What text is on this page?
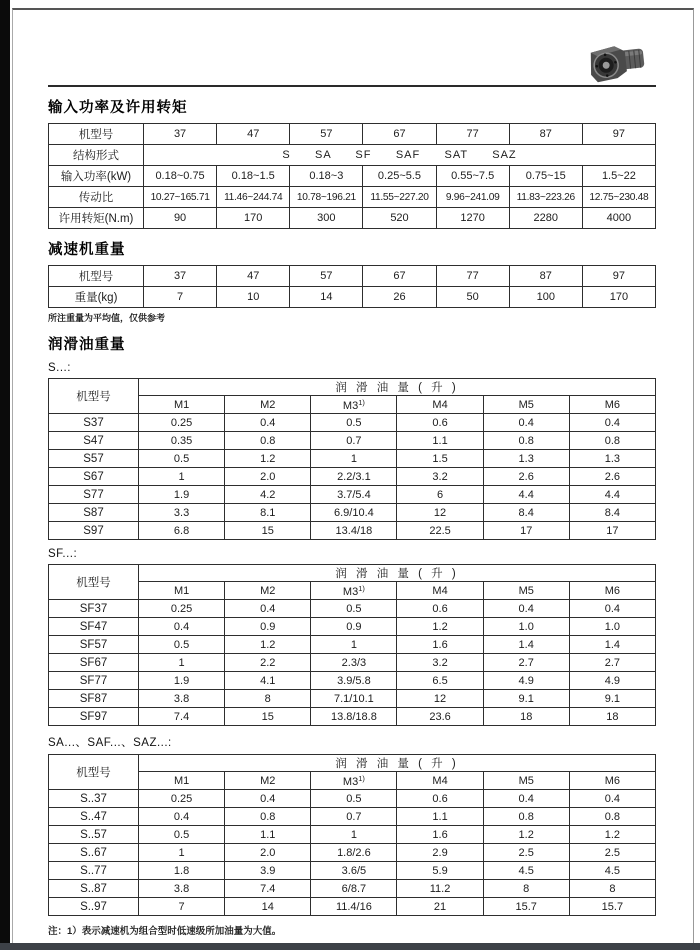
输入功率及许用转矩
机型号	37	47	57	67	77	87	97
结构形式	S      SA      SF      SAF      SAT      SAZ						
输入功率(kW)	0.18~0.75	0.18~1.5	0.18~3	0.25~5.5	0.55~7.5	0.75~15	1.5~22
传动比	10.27~165.71	11.46~244.74	10.78~196.21	11.55~227.20	9.96~241.09	11.83~223.26	12.75~230.48
许用转矩(N.m)	90	170	300	520	1270	2280	4000
减速机重量
机型号	37	47	57	67	77	87	97
重量(kg)	7	10	14	26	50	100	170
所注重量为平均值，仅供参考
润滑油重量
S...:
机型号	润 滑 油 量 ( 升 )					
	M1	M2	M3$^{1)}$	M4	M5	M6
S37	0.25	0.4	0.5	0.6	0.4	0.4
S47	0.35	0.8	0.7	1.1	0.8	0.8
S57	0.5	1.2	1	1.5	1.3	1.3
S67	1	2.0	2.2/3.1	3.2	2.6	2.6
S77	1.9	4.2	3.7/5.4	6	4.4	4.4
S87	3.3	8.1	6.9/10.4	12	8.4	8.4
S97	6.8	15	13.4/18	22.5	17	17
SF...:
机型号	润 滑 油 量 ( 升 )					
	M1	M2	M3$^{1)}$	M4	M5	M6
SF37	0.25	0.4	0.5	0.6	0.4	0.4
SF47	0.4	0.9	0.9	1.2	1.0	1.0
SF57	0.5	1.2	1	1.6	1.4	1.4
SF67	1	2.2	2.3/3	3.2	2.7	2.7
SF77	1.9	4.1	3.9/5.8	6.5	4.9	4.9
SF87	3.8	8	7.1/10.1	12	9.1	9.1
SF97	7.4	15	13.8/18.8	23.6	18	18
SA...、SAF...、SAZ...:
机型号	润 滑 油 量 ( 升 )					
	M1	M2	M3$^{1)}$	M4	M5	M6
S..37	0.25	0.4	0.5	0.6	0.4	0.4
S..47	0.4	0.8	0.7	1.1	0.8	0.8
S..57	0.5	1.1	1	1.6	1.2	1.2
S..67	1	2.0	1.8/2.6	2.9	2.5	2.5
S..77	1.8	3.9	3.6/5	5.9	4.5	4.5
S..87	3.8	7.4	6/8.7	11.2	8	8
S..97	7	14	11.4/16	21	15.7	15.7
注：1）表示减速机为组合型时低速级所加油量为大值。
